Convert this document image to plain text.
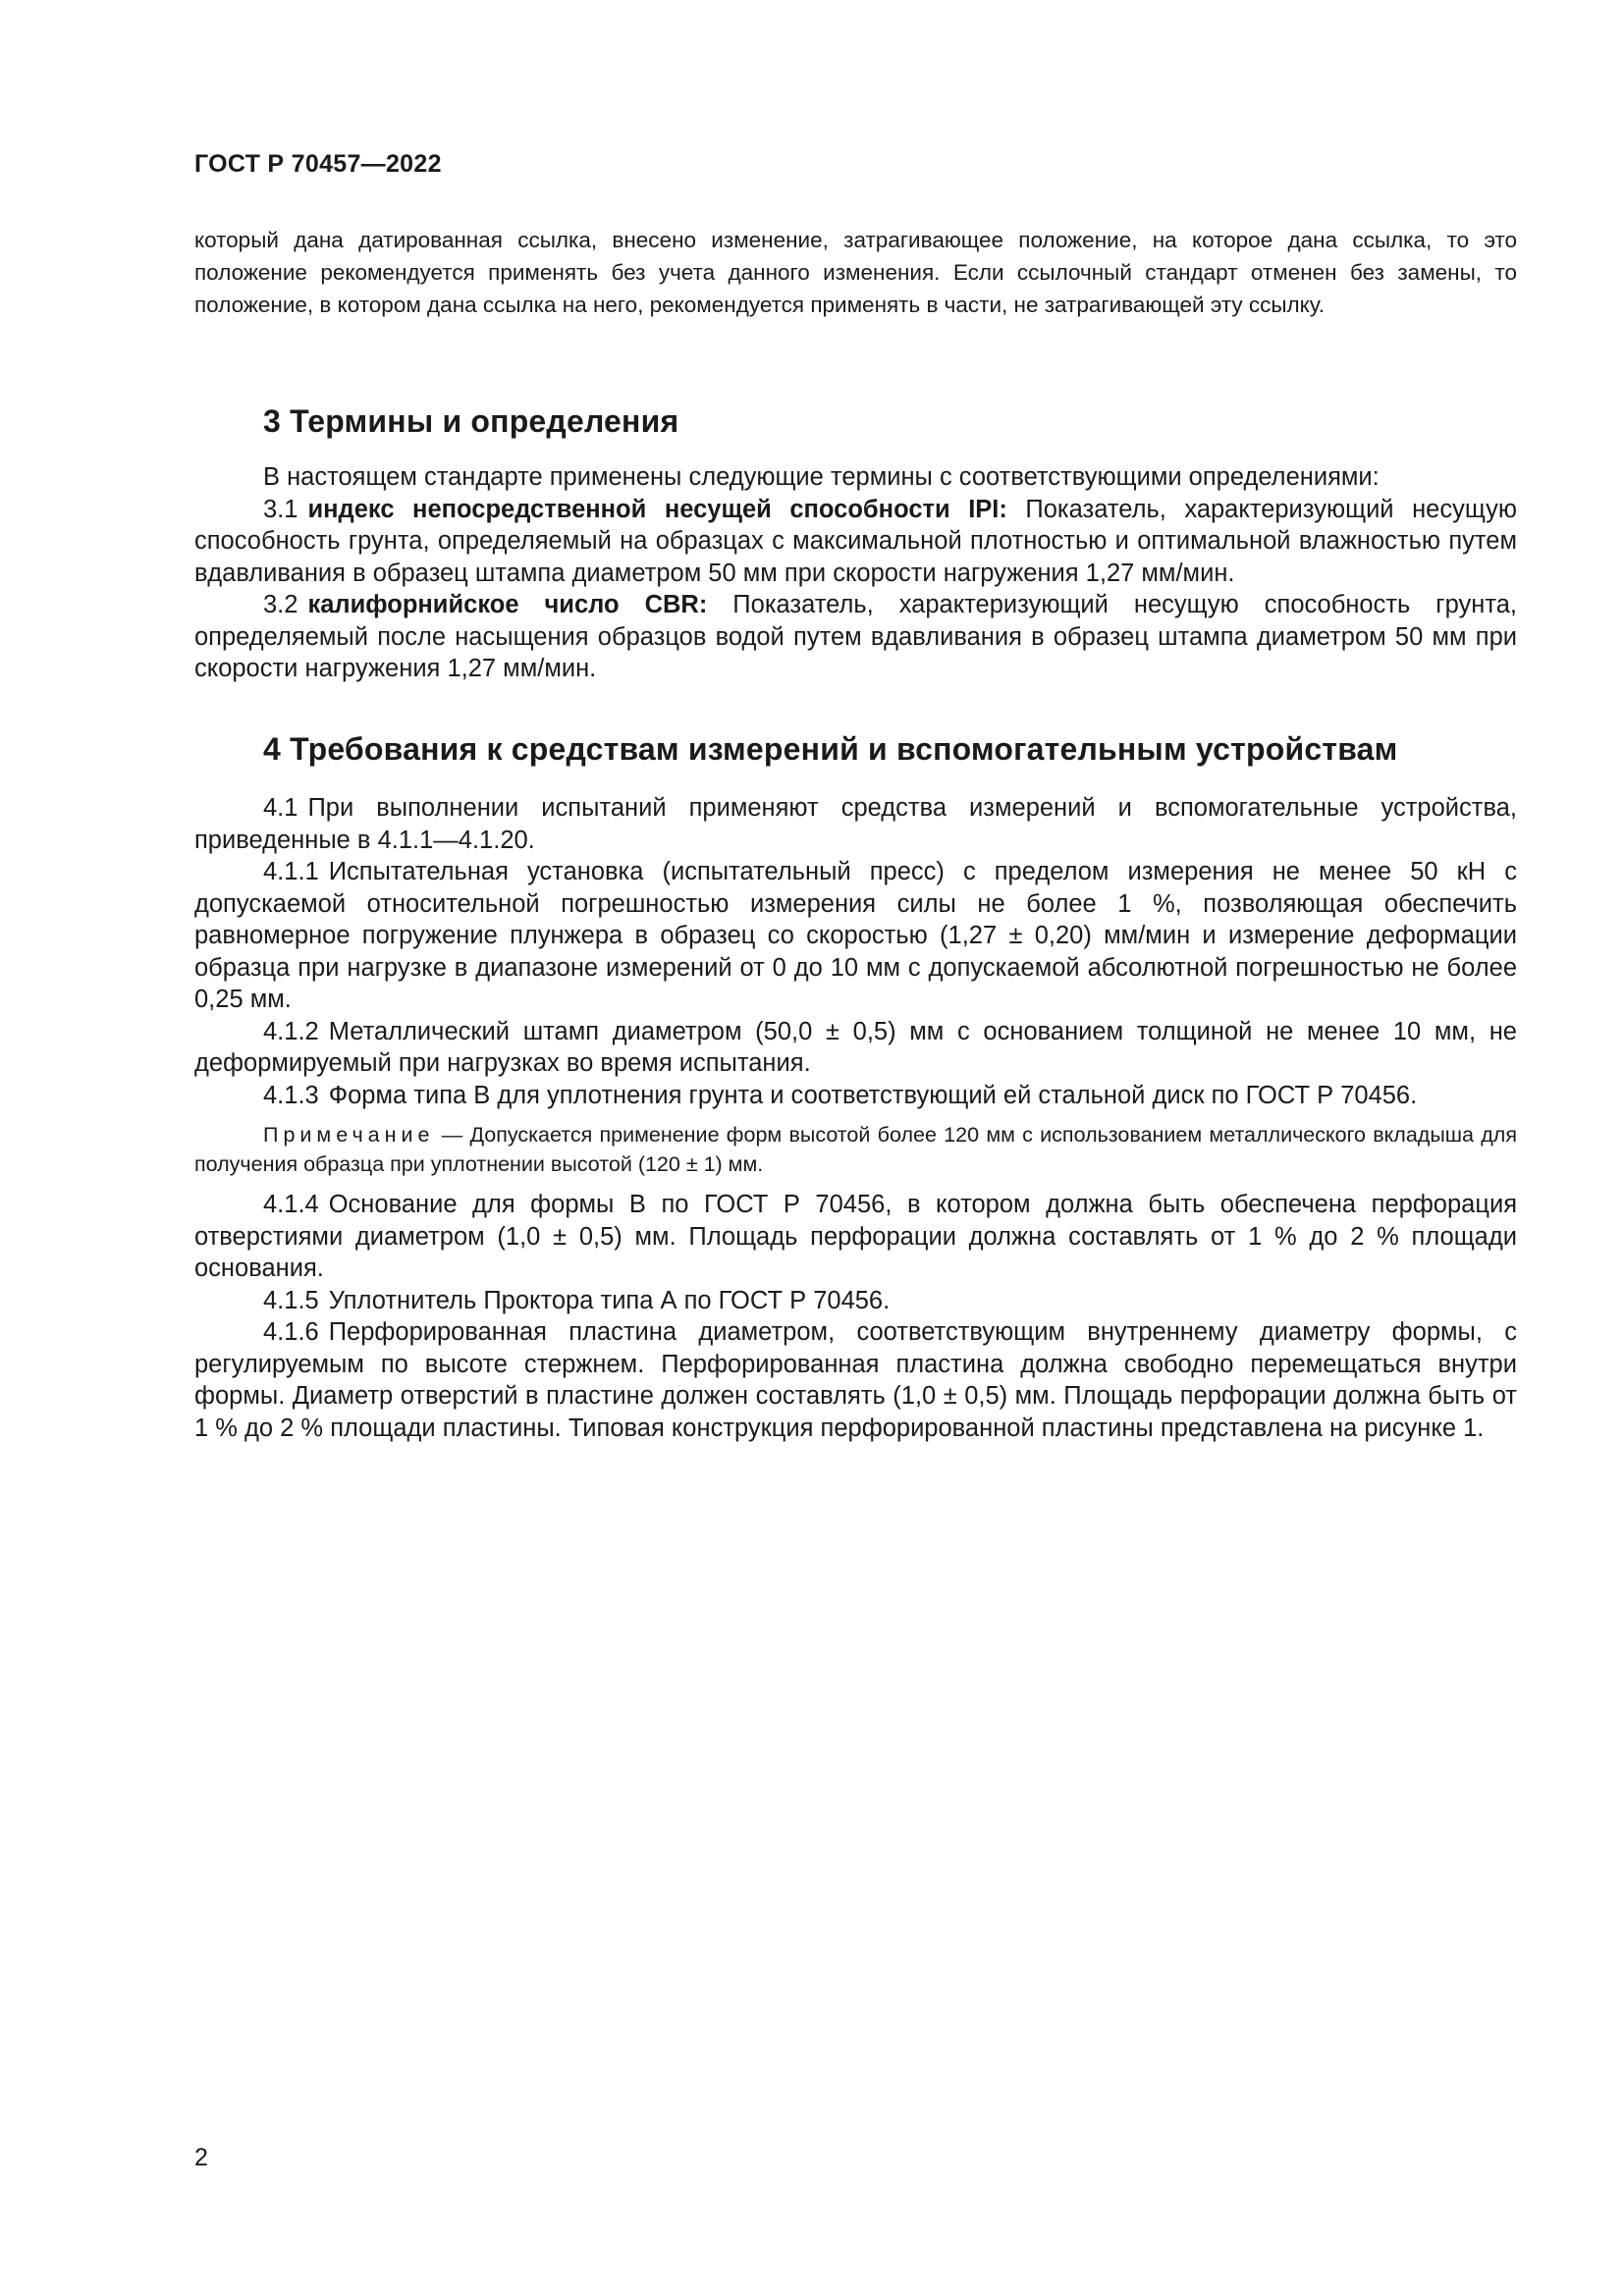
ГОСТ Р 70457—2022
который дана датированная ссылка, внесено изменение, затрагивающее положение, на которое дана ссылка, то это положение рекомендуется применять без учета данного изменения. Если ссылочный стандарт отменен без замены, то положение, в котором дана ссылка на него, рекомендуется применять в части, не затрагивающей эту ссылку.
3 Термины и определения

В настоящем стандарте применены следующие термины с соответствующими определениями:

3.1 индекс непосредственной несущей способности IPI: Показатель, характеризующий несущую способность грунта, определяемый на образцах с максимальной плотностью и оптимальной влажностью путем вдавливания в образец штампа диаметром 50 мм при скорости нагружения 1,27 мм/мин.

3.2 калифорнийское число CBR: Показатель, характеризующий несущую способность грунта, определяемый после насыщения образцов водой путем вдавливания в образец штампа диаметром 50 мм при скорости нагружения 1,27 мм/мин.

4 Требования к средствам измерений и вспомогательным устройствам

4.1 При выполнении испытаний применяют средства измерений и вспомогательные устройства, приведенные в 4.1.1—4.1.20.

4.1.1 Испытательная установка (испытательный пресс) с пределом измерения не менее 50 кН с допускаемой относительной погрешностью измерения силы не более 1 %, позволяющая обеспечить равномерное погружение плунжера в образец со скоростью (1,27 ± 0,20) мм/мин и измерение деформации образца при нагрузке в диапазоне измерений от 0 до 10 мм с допускаемой абсолютной погрешностью не более 0,25 мм.

4.1.2 Металлический штамп диаметром (50,0 ± 0,5) мм с основанием толщиной не менее 10 мм, не деформируемый при нагрузках во время испытания.

4.1.3 Форма типа В для уплотнения грунта и соответствующий ей стальной диск по ГОСТ Р 70456.

Примечание — Допускается применение форм высотой более 120 мм с использованием металлического вкладыша для получения образца при уплотнении высотой (120 ± 1) мм.

4.1.4 Основание для формы В по ГОСТ Р 70456, в котором должна быть обеспечена перфорация отверстиями диаметром (1,0 ± 0,5) мм. Площадь перфорации должна составлять от 1 % до 2 % площади основания.

4.1.5 Уплотнитель Проктора типа А по ГОСТ Р 70456.

4.1.6 Перфорированная пластина диаметром, соответствующим внутреннему диаметру формы, с регулируемым по высоте стержнем. Перфорированная пластина должна свободно перемещаться внутри формы. Диаметр отверстий в пластине должен составлять (1,0 ± 0,5) мм. Площадь перфорации должна быть от 1 % до 2 % площади пластины. Типовая конструкция перфорированной пластины представлена на рисунке 1.

2
